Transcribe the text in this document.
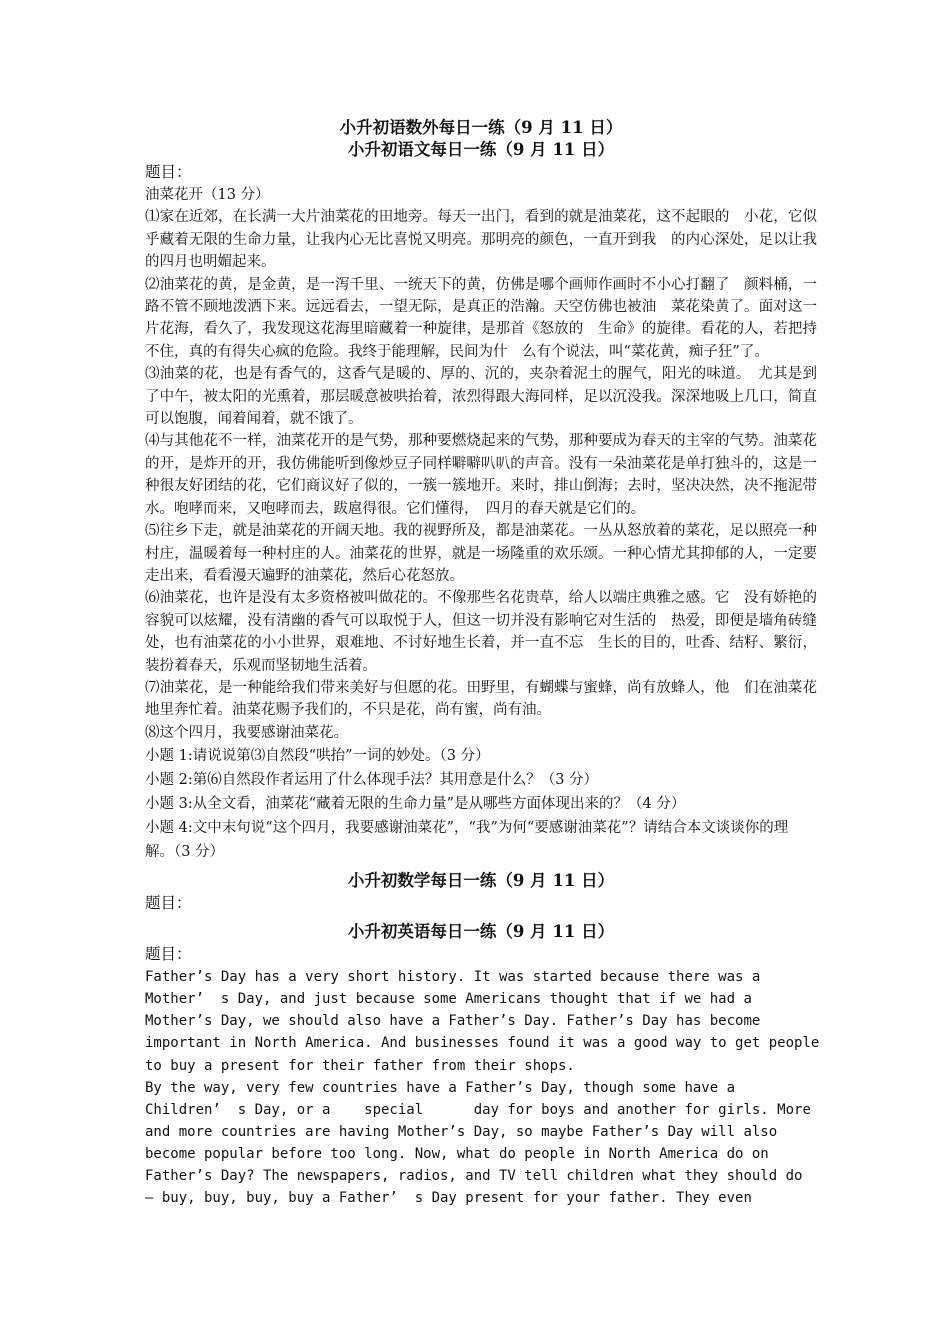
小升初语数外每日一练（9 月 11 日）
小升初语文每日一练（9 月 11 日）
题目：
油菜花开（13 分）

⑴家在近郊，在长满一大片油菜花的田地旁。每天一出门，看到的就是油菜花，这不起眼的　小花，它似乎藏着无限的生命力量，让我内心无比喜悦又明亮。那明亮的颜色，一直开到我　的内心深处，足以让我的四月也明媚起来。

⑵油菜花的黄，是金黄，是一泻千里、一统天下的黄，仿佛是哪个画师作画时不小心打翻了　颜料桶，一路不管不顾地泼洒下来。远远看去，一望无际，是真正的浩瀚。天空仿佛也被油　菜花染黄了。面对这一片花海，看久了，我发现这花海里暗藏着一种旋律，是那首《怒放的　生命》的旋律。看花的人，若把持不住，真的有得失心疯的危险。我终于能理解，民间为什　么有个说法，叫“菜花黄，痴子狂”了。

⑶油菜的花，也是有香气的，这香气是暖的、厚的、沉的，夹杂着泥土的腥气，阳光的味道。　尤其是到了中午，被太阳的光熏着，那层暖意被哄抬着，浓烈得跟大海同样，足以沉没我。深深地吸上几口，简直可以饱腹，闻着闻着，就不饿了。

⑷与其他花不一样，油菜花开的是气势，那种要燃烧起来的气势，那种要成为春天的主宰的气势。油菜花的开，是炸开的开，我仿佛能听到像炒豆子同样噼噼叭叭的声音。没有一朵油菜花是单打独斗的，这是一种很友好团结的花，它们商议好了似的，一簇一簇地开。来时，排山倒海；去时，坚决决然，决不拖泥带水。咆哮而来，又咆哮而去，跋扈得很。它们懂得，　四月的春天就是它们的。

⑸往乡下走，就是油菜花的开阔天地。我的视野所及，都是油菜花。一丛从怒放着的菜花，足以照亮一种村庄，温暖着每一种村庄的人。油菜花的世界，就是一场隆重的欢乐颂。一种心情尤其抑郁的人，一定要走出来，看看漫天遍野的油菜花，然后心花怒放。

⑹油菜花，也许是没有太多资格被叫做花的。不像那些名花贵草，给人以端庄典雅之感。它　没有娇艳的容貌可以炫耀，没有清幽的香气可以取悦于人，但这一切并没有影响它对生活的　热爱，即便是墙角砖缝处，也有油菜花的小小世界，艰难地、不讨好地生长着，并一直不忘　生长的目的，吐香、结籽、繁衍，装扮着春天，乐观而坚韧地生活着。

⑺油菜花，是一种能给我们带来美好与但愿的花。田野里，有蝴蝶与蜜蜂，尚有放蜂人，他　们在油菜花地里奔忙着。油菜花赐予我们的，不只是花，尚有蜜，尚有油。

⑻这个四月，我要感谢油菜花。

小题 1:请说说第⑶自然段“哄抬”一词的妙处。（3 分）

小题 2:第⑹自然段作者运用了什么体现手法？其用意是什么？（3 分）

小题 3:从全文看，油菜花“藏着无限的生命力量”是从哪些方面体现出来的？（4 分）

小题 4:文中末句说“这个四月，我要感谢油菜花”，“我”为何“要感谢油菜花”？请结合本文谈谈你的理解。（3 分）

小升初数学每日一练（9 月 11 日）
题目：
小升初英语每日一练（9 月 11 日）
题目：

Father’s Day has a very short history. It was started because there was a

Mother’  s Day, and just because some Americans thought that if we had a

Mother’s Day, we should also have a Father’s Day. Father’s Day has become

important in North America. And businesses found it was a good way to get people

to buy a present for their father from their shops.

By the way, very few countries have a Father’s Day, though some have a

Children’  s Day, or a    special      day for boys and another for girls. More

and more countries are having Mother’s Day, so maybe Father’s Day will also

become popular before too long. Now, what do people in North America do on

Father’s Day? The newspapers, radios, and TV tell children what they should do

— buy, buy, buy, buy a Father’  s Day present for your father. They even
